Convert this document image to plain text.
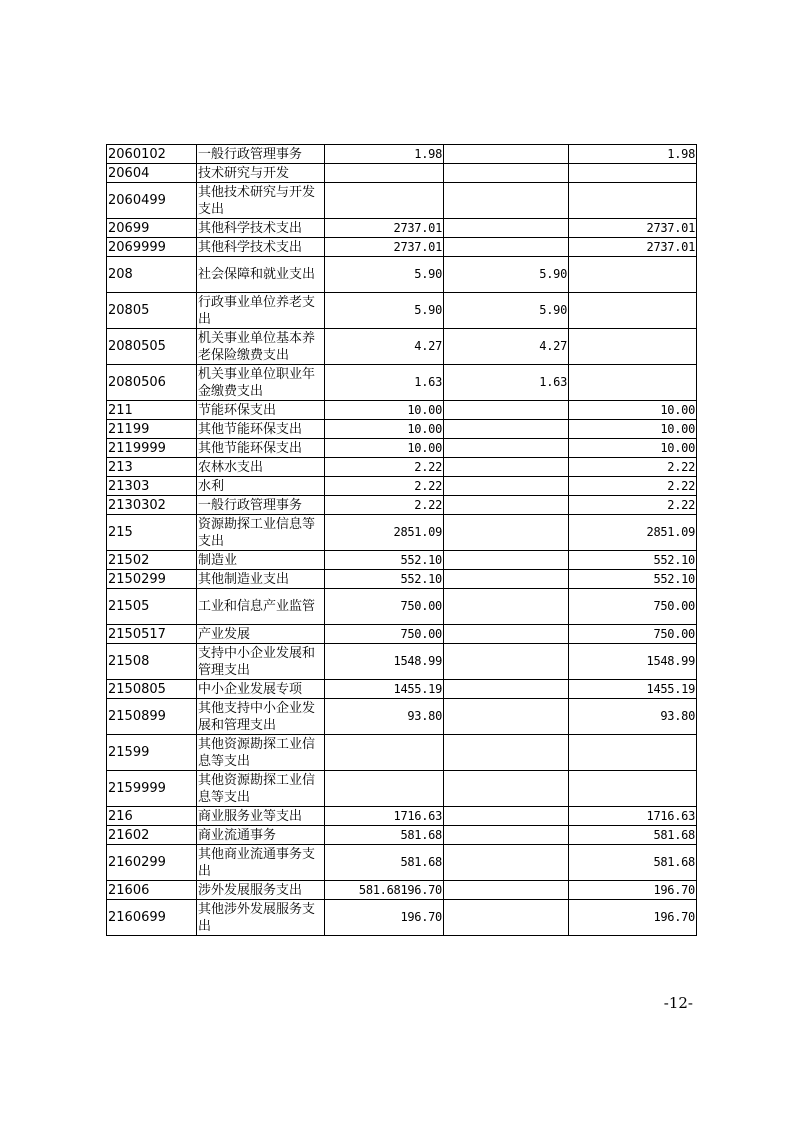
2060102	一般行政管理事务	1.98		1.98
20604	技术研究与开发			
2060499	其他技术研究与开发支出			
20699	其他科学技术支出	2737.01		2737.01
2069999	其他科学技术支出	2737.01		2737.01
208	社会保障和就业支出	5.90	5.90	
20805	行政事业单位养老支出	5.90	5.90	
2080505	机关事业单位基本养老保险缴费支出	4.27	4.27	
2080506	机关事业单位职业年金缴费支出	1.63	1.63	
211	节能环保支出	10.00		10.00
21199	其他节能环保支出	10.00		10.00
2119999	其他节能环保支出	10.00		10.00
213	农林水支出	2.22		2.22
21303	水利	2.22		2.22
2130302	一般行政管理事务	2.22		2.22
215	资源勘探工业信息等支出	2851.09		2851.09
21502	制造业	552.10		552.10
2150299	其他制造业支出	552.10		552.10
21505	工业和信息产业监管	750.00		750.00
2150517	产业发展	750.00		750.00
21508	支持中小企业发展和管理支出	1548.99		1548.99
2150805	中小企业发展专项	1455.19		1455.19
2150899	其他支持中小企业发展和管理支出	93.80		93.80
21599	其他资源勘探工业信息等支出			
2159999	其他资源勘探工业信息等支出			
216	商业服务业等支出	1716.63		1716.63
21602	商业流通事务	581.68		581.68
2160299	其他商业流通事务支出	581.68		581.68
21606	涉外发展服务支出	581.68196.70		196.70
2160699	其他涉外发展服务支出	196.70		196.70
-12-
